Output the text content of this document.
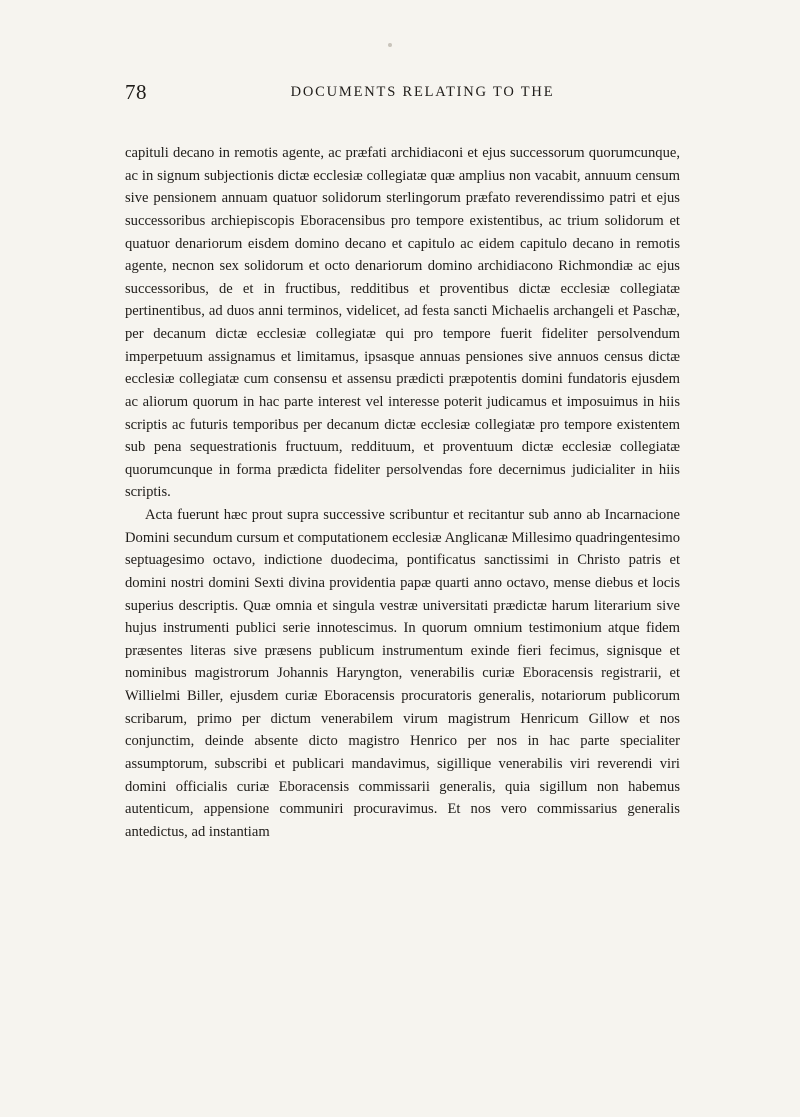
78	DOCUMENTS RELATING TO THE

capituli decano in remotis agente, ac præfati archidiaconi et ejus successorum quorumcunque, ac in signum subjectionis dictæ ecclesiæ collegiatæ quæ amplius non vacabit, annuum censum sive pensionem annuam quatuor solidorum sterlingorum præfato reverendissimo patri et ejus successoribus archiepiscopis Eboracensibus pro tempore existentibus, ac trium solidorum et quatuor denariorum eisdem domino decano et capitulo ac eidem capitulo decano in remotis agente, necnon sex solidorum et octo denariorum domino archidiacono Richmondiæ ac ejus successoribus, de et in fructibus, redditibus et proventibus dictæ ecclesiæ collegiatæ pertinentibus, ad duos anni terminos, videlicet, ad festa sancti Michaelis archangeli et Paschæ, per decanum dictæ ecclesiæ collegiatæ qui pro tempore fuerit fideliter persolvendum imperpetuum assignamus et limitamus, ipsasque annuas pensiones sive annuos census dictæ ecclesiæ collegiatæ cum consensu et assensu prædicti præpotentis domini fundatoris ejusdem ac aliorum quorum in hac parte interest vel interesse poterit judicamus et imposuimus in hiis scriptis ac futuris temporibus per decanum dictæ ecclesiæ collegiatæ pro tempore existentem sub pena sequestrationis fructuum, reddituum, et proventuum dictæ ecclesiæ collegiatæ quorumcunque in forma prædicta fideliter persolvendas fore decernimus judicialiter in hiis scriptis.

Acta fuerunt hæc prout supra successive scribuntur et recitantur sub anno ab Incarnacione Domini secundum cursum et computationem ecclesiæ Anglicanæ Millesimo quadringentesimo septuagesimo octavo, indictione duodecima, pontificatus sanctissimi in Christo patris et domini nostri domini Sexti divina providentia papæ quarti anno octavo, mense diebus et locis superius descriptis. Quæ omnia et singula vestræ universitati prædictæ harum literarium sive hujus instrumenti publici serie innotescimus. In quorum omnium testimonium atque fidem præsentes literas sive præsens publicum instrumentum exinde fieri fecimus, signisque et nominibus magistrorum Johannis Haryngton, venerabilis curiæ Eboracensis registrarii, et Willielmi Biller, ejusdem curiæ Eboracensis procuratoris generalis, notariorum publicorum scribarum, primo per dictum venerabilem virum magistrum Henricum Gillow et nos conjunctim, deinde absente dicto magistro Henrico per nos in hac parte specialiter assumptorum, subscribi et publicari mandavimus, sigillique venerabilis viri reverendi viri domini officialis curiæ Eboracensis commissarii generalis, quia sigillum non habemus autenticum, appensione communiri procuravimus. Et nos vero commissarius generalis antedictus, ad instantiam
